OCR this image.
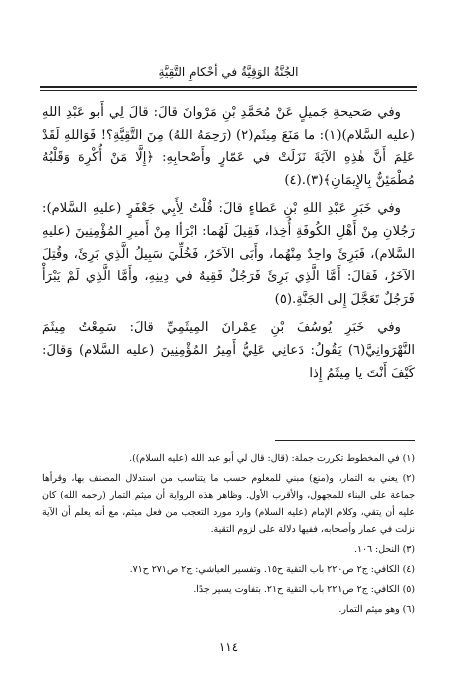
الجُنَّةُ الوَقِيَّةُ في أحْكامِ التَّقِيَّةِ

وفي صَحيحةِ جَميلٍ عَنْ مُحَمَّدِ بْنِ مَرْوانَ قالَ: قالَ لِي أَبو عَبْدِ اللهِ (عليه السَّلام)(١): ما مَنَعَ مِيثَم(٢) (رَحِمَهُ اللهُ) مِنَ التَّقِيَّةِ؟! فَوَاللهِ لَقَدْ عَلِمَ أَنَّ هٰذِهِ الآيَةَ نَزَلَتْ في عَمّارٍ وأَصْحابِهِ: ﴿إِلَّا مَنْ أُكْرِهَ وَقَلْبُهُ مُطْمَئِنٌّ بِالإِيمَانِ﴾(٣).(٤)

وفي خَبَرِ عَبْدِ اللهِ بْنِ عَطاءٍ قالَ: قُلْتُ لِأَبِي جَعْفَرٍ (عليهِ السَّلام): رَجُلانِ مِنْ أَهْلِ الكُوفَةِ أُخِذا، فَقِيلَ لَهُما: ابْرَأا مِنْ أَميرِ المُؤْمِنِينَ (عليهِ السَّلام)، فَبَرِئَ واحِدٌ مِنْهُما، وأَبَى الآخَرُ، فَخُلِّيَ سَبِيلُ الَّذِي بَرِئَ، وقُتِلَ الآخَرُ، فَقالَ: أَمَّا الَّذِي بَرِئَ فَرَجُلٌ فَقِيهٌ في دِينِهِ، وأَمَّا الَّذِي لَمْ يَبْرَأْ فَرَجُلٌ تَعَجَّلَ إِلى الجَنَّةِ.(٥)

وفي خَبَرِ يُوسُفَ بْنِ عِمْرانَ المِيثَمِيِّ قالَ: سَمِعْتُ مِيثَمَ النَّهْرَوانِيَّ(٦) يَقُولُ: دَعانِي عَلِيُّ أَمِيرُ المُؤْمِنِينَ (عليه السَّلام) وَقالَ: كَيْفَ أَنْتَ يا مِيثَمُ إِذا

(١) في المخطوط تكررت جملة: (قال: قال لي أبو عبد الله (عليه السلام)).
(٢) يعني به التمار، و(منع) مبني للمعلوم حسب ما يتناسب من استدلال المصنف بها، وقرأها جماعة على البناء للمجهول، والأقرب الأول. وظاهر هذه الرواية أن ميثم التمار (رحمه الله) كان عليه أن يتقي، وكلام الإمام (عليه السلام) وارد مورد التعجب من فعل ميثم، مع أنه يعلم أن الآية نزلت في عمار وأصحابه، ففيها دلالة على لزوم التقية.
(٣) النحل: ١٠٦.
(٤) الكافي: ج٢ ص٢٢٠ باب التقية ح١٥. وتفسير العياشي: ج٢ ص٢٧١ ح٧١.
(٥) الكافي: ج٢ ص٢٢١ باب التقية ح٢١. بتفاوت يسير جدًا.
(٦) وهو ميثم التمار.
١١٤
